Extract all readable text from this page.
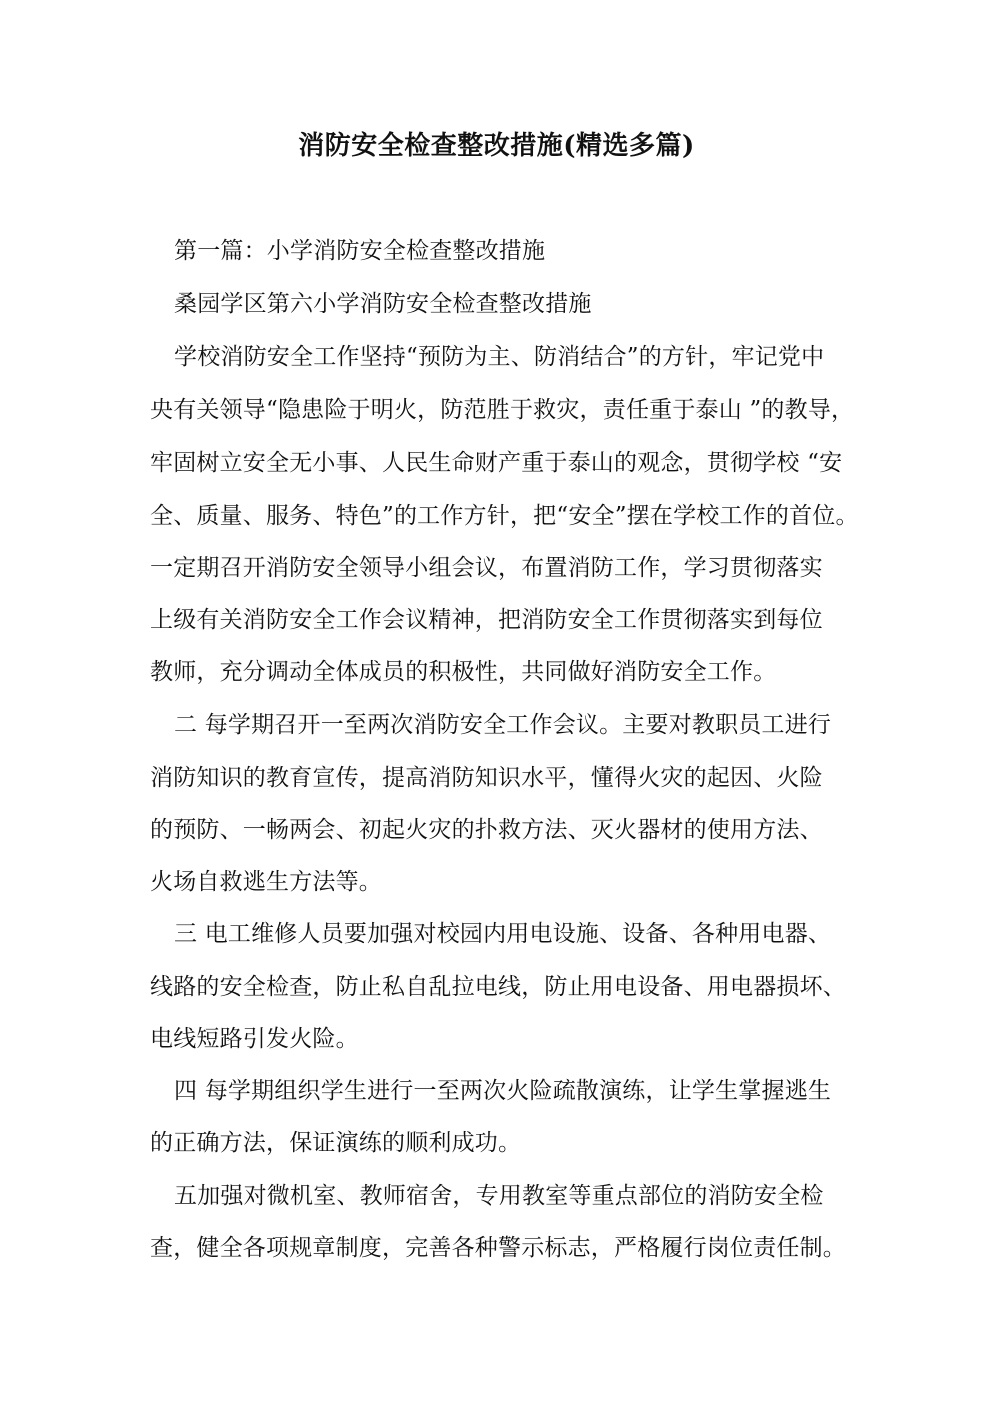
消防安全检查整改措施(精选多篇)
第一篇：小学消防安全检查整改措施
桑园学区第六小学消防安全检查整改措施
学校消防安全工作坚持“预防为主、防消结合”的方针，牢记党中
央有关领导“隐患险于明火，防范胜于救灾，责任重于泰山 ”的教导，
牢固树立安全无小事、人民生命财产重于泰山的观念，贯彻学校 “安
全、质量、服务、特色”的工作方针，把“安全”摆在学校工作的首位。
一定期召开消防安全领导小组会议，布置消防工作，学习贯彻落实
上级有关消防安全工作会议精神，把消防安全工作贯彻落实到每位
教师，充分调动全体成员的积极性，共同做好消防安全工作。
二 每学期召开一至两次消防安全工作会议。主要对教职员工进行
消防知识的教育宣传，提高消防知识水平，懂得火灾的起因、火险
的预防、一畅两会、初起火灾的扑救方法、灭火器材的使用方法、
火场自救逃生方法等。
三 电工维修人员要加强对校园内用电设施、设备、各种用电器、
线路的安全检查，防止私自乱拉电线，防止用电设备、用电器损坏、
电线短路引发火险。
四 每学期组织学生进行一至两次火险疏散演练，让学生掌握逃生
的正确方法，保证演练的顺利成功。
五加强对微机室、教师宿舍，专用教室等重点部位的消防安全检
查，健全各项规章制度，完善各种警示标志，严格履行岗位责任制。
